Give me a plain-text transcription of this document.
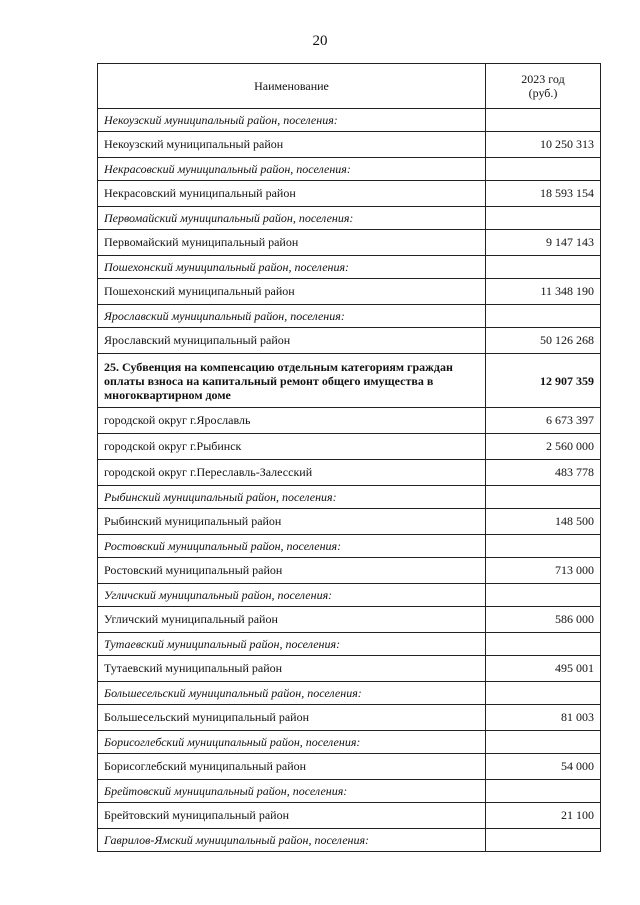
20
Наименование	2023 год
(руб.)
Некоузский муниципальный район, поселения:	
Некоузский муниципальный район	10 250 313
Некрасовский муниципальный район, поселения:	
Некрасовский муниципальный район	18 593 154
Первомайский муниципальный район, поселения:	
Первомайский муниципальный район	9 147 143
Пошехонский муниципальный район, поселения:	
Пошехонский муниципальный район	11 348 190
Ярославский муниципальный район, поселения:	
Ярославский муниципальный район	50 126 268
25. Субвенция на компенсацию отдельным категориям граждан оплаты взноса на капитальный ремонт общего имущества в многоквартирном доме	12 907 359
городской округ г.Ярославль	6 673 397
городской округ г.Рыбинск	2 560 000
городской округ г.Переславль-Залесский	483 778
Рыбинский муниципальный район, поселения:	
Рыбинский муниципальный район	148 500
Ростовский муниципальный район, поселения:	
Ростовский муниципальный район	713 000
Угличский муниципальный район, поселения:	
Угличский муниципальный район	586 000
Тутаевский муниципальный район, поселения:	
Тутаевский муниципальный район	495 001
Большесельский муниципальный район, поселения:	
Большесельский муниципальный район	81 003
Борисоглебский муниципальный район, поселения:	
Борисоглебский муниципальный район	54 000
Брейтовский муниципальный район, поселения:	
Брейтовский муниципальный район	21 100
Гаврилов-Ямский муниципальный район, поселения:	
